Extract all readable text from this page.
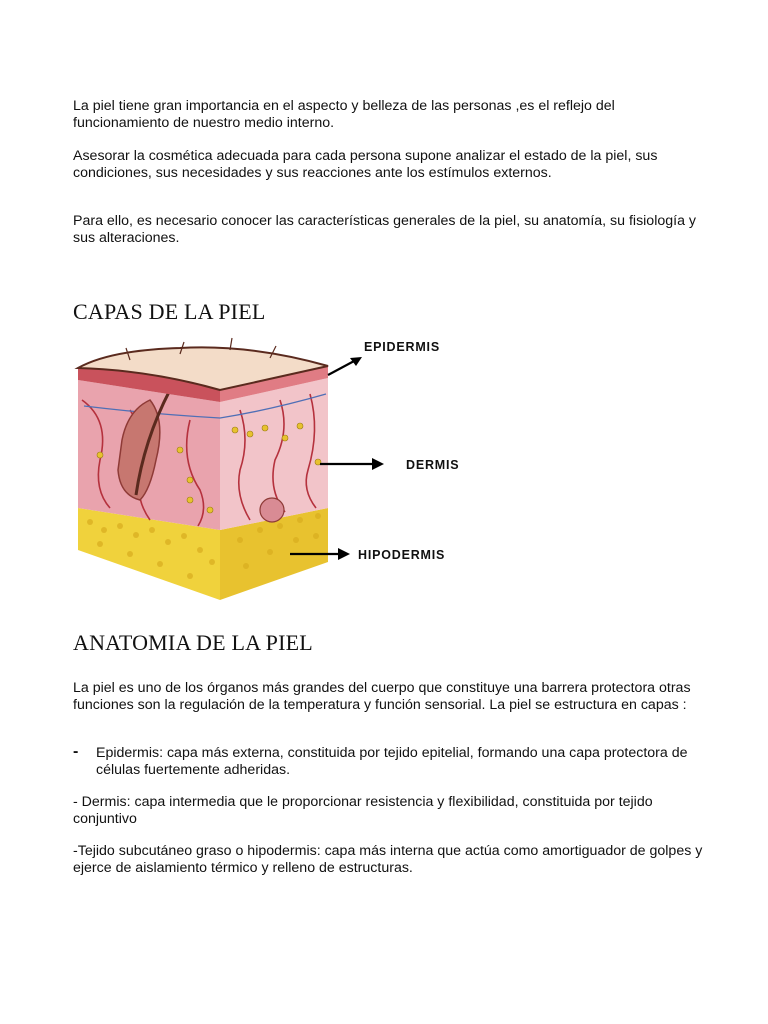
La piel tiene gran importancia en el aspecto y belleza de las personas ,es el reflejo del funcionamiento de nuestro medio interno.

Asesorar la cosmética adecuada para cada persona supone analizar el estado de la piel, sus condiciones, sus necesidades y sus reacciones ante los estímulos externos.

Para ello, es necesario conocer las características generales de la piel, su anatomía, su fisiología y sus alteraciones.

CAPAS DE LA PIEL
EPIDERMIS
DERMIS
HIPODERMIS
ANATOMIA DE LA PIEL

La piel es uno de los órganos más grandes del cuerpo que constituye una barrera protectora otras funciones son la regulación de la temperatura y función sensorial. La piel se estructura en capas :

- Epidermis: capa más externa, constituida por tejido epitelial, formando una capa protectora de células fuertemente adheridas.

- Dermis: capa intermedia que le proporcionar resistencia y flexibilidad, constituida por tejido conjuntivo

-Tejido subcutáneo graso o hipodermis: capa más interna que actúa como amortiguador de golpes y ejerce de aislamiento térmico y relleno de estructuras.
